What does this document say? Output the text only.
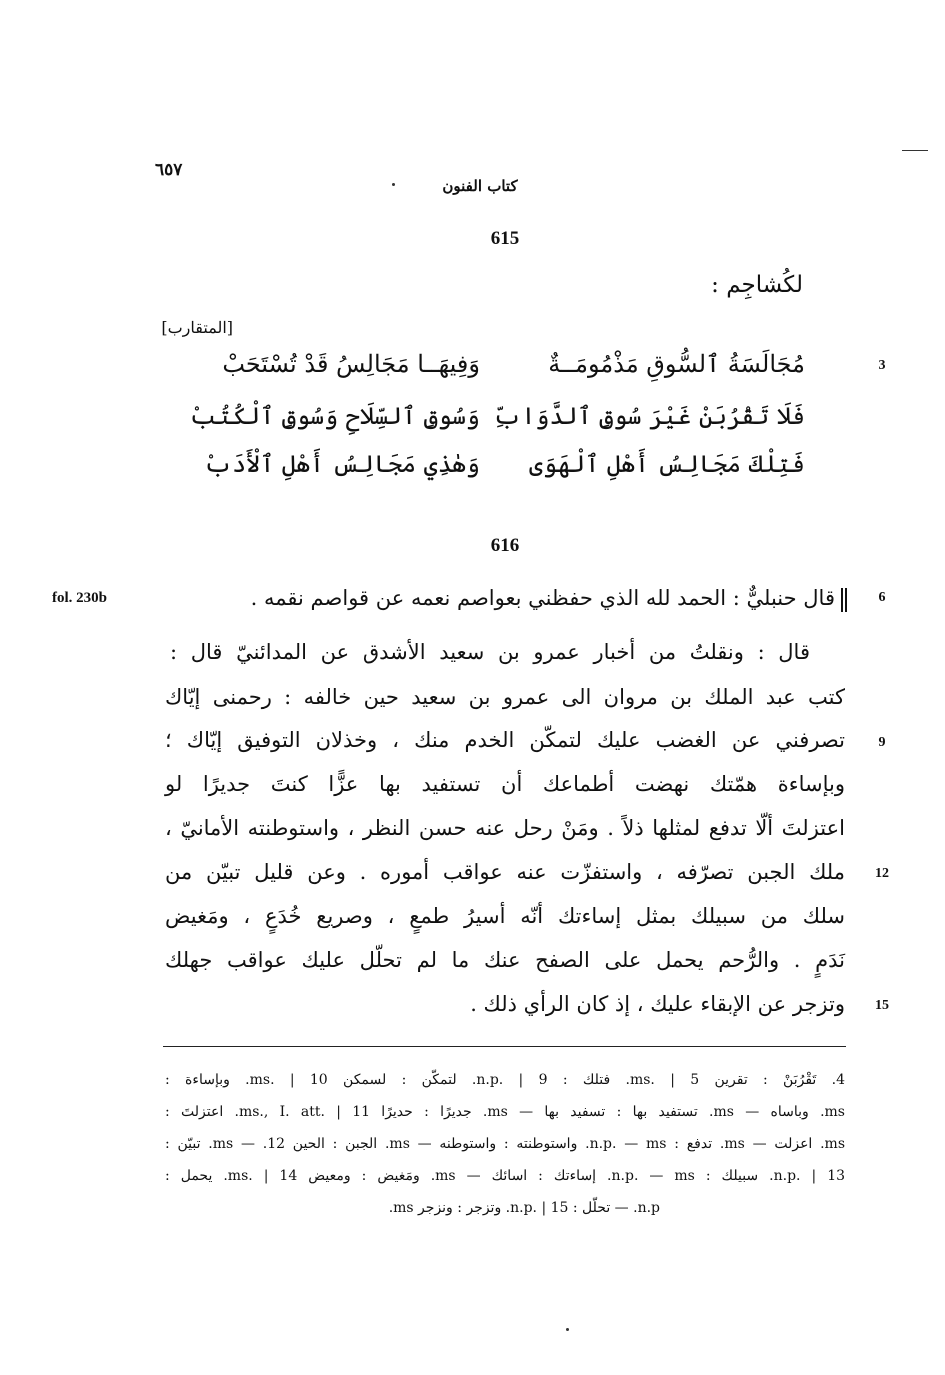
٦٥٧
كتاب الفنون
615
لكُشاجِم :
[المتقارب]
مُجَالَسَةُ ٱلسُّوقِ مَذْمُومَــةٌ
وَفِيهَــا مَجَالِسُ قَدْ تُسْتَحَبْ	3
فَلَا تَقْرُبَنْ غَيْرَ سُوقِ ٱلدَّوَابِّ
وَسُوقِ ٱلسِّلَاحِ وَسُوقِ ٱلْكُتُبْ
فَتِلْكَ مَجَالِسُ أَهْلِ ٱلْهَوَى
وَهٰذِي مَجَالِسُ أَهْلِ ٱلْأَدَبْ
616
fol. 230b	قال حنبليٌّ : الحمد لله الذي حفظني بعواصم نعمه عن قواصم نقمه .	6
قال : ونقلتُ من أخبار عمرو بن سعيد الأشدق عن المدائنيّ قال :
كتب عبد الملك بن مروان الى عمرو بن سعيد حين خالفه : رحمنى إيّاك
تصرفني عن الغضب عليك لتمكّن الخدم منك ، وخذلان التوفيق إيّاك ؛	9
وبإساءة همّتك نهضت أطماعك أن تستفيد بها عزًّا كنتَ جديرًا لو
اعتزلتَ ألّا تدفع لمثلها ذلاً . ومَنْ رحل عنه حسن النظر ، واستوطنته الأمانيّ ،
ملك الجبن تصرّفه ، واستفزّت عنه عواقب أموره . وعن قليل تبيّن من	12
سلك من سبيلك بمثل إساءتك أنّه أسيرُ طمعٍ ، وصريع خُدَعٍ ، ومَغيض
نَدَمٍ . والرُّحم يحمل على الصفح عنك ما لم تحلّل عليك عواقب جهلك
وتزجر عن الإبقاء عليك ، إذ كان الرأي ذلك .	15
4. تَقْرُبَنْ : تقرين ms. | 5. فتلك : n.p. | 9. لتمكّن : لسمكن ms. | 10. وبإساءة :
ms. وباساه — ms. تستفيد بها : تسفيد بها — ms. جديرًا : حديرًا ms., I. att. | 11. اعتزلتَ :
ms. اعزلت — ms. تدفع : n.p. — ms. واستوطنته : واستوطنه — ms. الجبن : الحين 12. — ms. تبيّن :
n.p. | 13. سبيلك : n.p. — ms. إساءتك : اسائك — ms. ومَغيض : ومعيض ms. | 14. يحمل :
n.p. — تحلّل : n.p. | 15. وتزجر : ونزجر ms.
